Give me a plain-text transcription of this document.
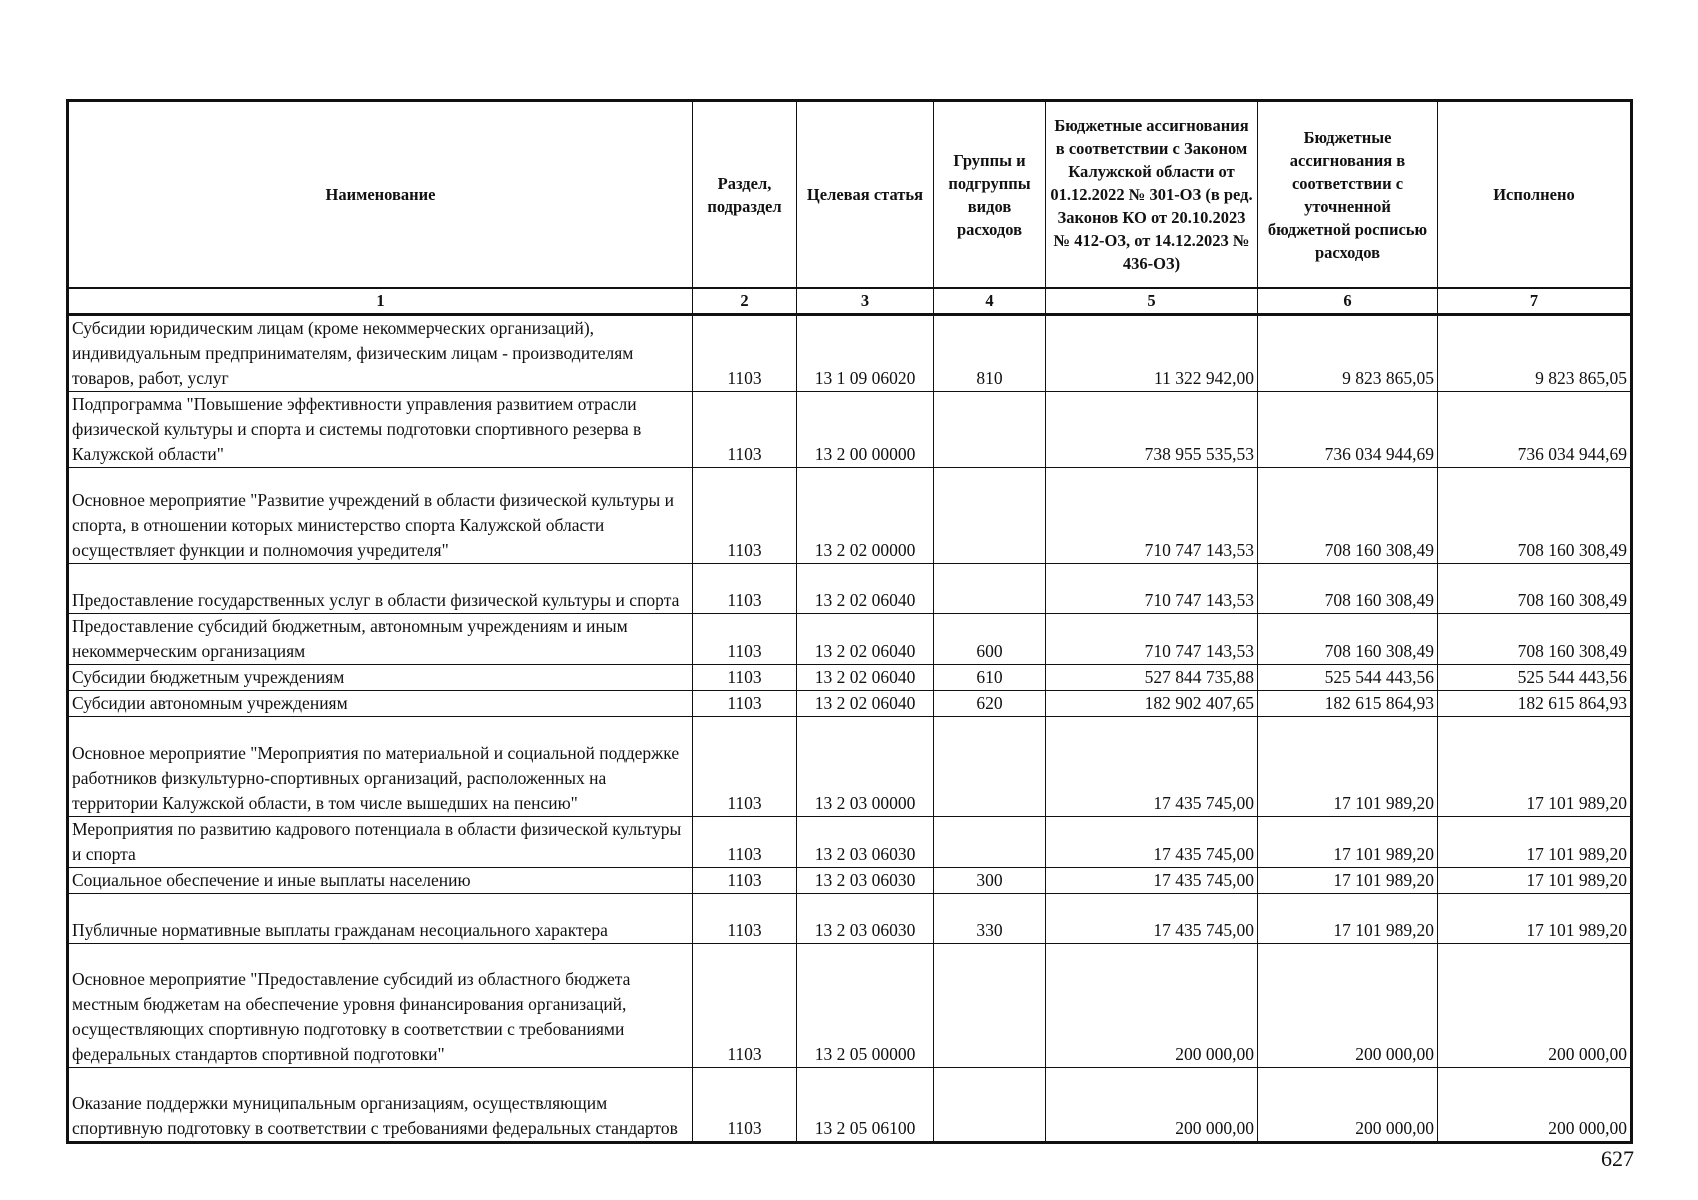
Наименование	Раздел, подраздел	Целевая статья	Группы и подгруппы видов расходов	Бюджетные ассигнования в соответствии с Законом Калужской области от 01.12.2022 № 301-ОЗ (в ред. Законов КО от 20.10.2023 № 412-ОЗ, от 14.12.2023 № 436-ОЗ)	Бюджетные ассигнования в соответствии с уточненной бюджетной росписью расходов	Исполнено
1	2	3	4	5	6	7
Субсидии юридическим лицам (кроме некоммерческих организаций), индивидуальным предпринимателям, физическим лицам - производителям товаров, работ, услуг	1103	13 1 09 06020	810	11 322 942,00	9 823 865,05	9 823 865,05
Подпрограмма "Повышение эффективности управления развитием отрасли физической культуры и спорта и системы подготовки спортивного резерва в Калужской области"	1103	13 2 00 00000		738 955 535,53	736 034 944,69	736 034 944,69
Основное мероприятие "Развитие учреждений в области физической культуры и спорта, в отношении которых министерство спорта Калужской области осуществляет функции и полномочия учредителя"	1103	13 2 02 00000		710 747 143,53	708 160 308,49	708 160 308,49
Предоставление государственных услуг в области физической культуры и спорта	1103	13 2 02 06040		710 747 143,53	708 160 308,49	708 160 308,49
Предоставление субсидий бюджетным, автономным учреждениям и иным некоммерческим организациям	1103	13 2 02 06040	600	710 747 143,53	708 160 308,49	708 160 308,49
Субсидии бюджетным учреждениям	1103	13 2 02 06040	610	527 844 735,88	525 544 443,56	525 544 443,56
Субсидии автономным учреждениям	1103	13 2 02 06040	620	182 902 407,65	182 615 864,93	182 615 864,93
Основное мероприятие "Мероприятия по материальной и социальной поддержке работников физкультурно-спортивных организаций, расположенных на территории Калужской области, в том числе вышедших на пенсию"	1103	13 2 03 00000		17 435 745,00	17 101 989,20	17 101 989,20
Мероприятия по развитию кадрового потенциала в области физической культуры и спорта	1103	13 2 03 06030		17 435 745,00	17 101 989,20	17 101 989,20
Социальное обеспечение и иные выплаты населению	1103	13 2 03 06030	300	17 435 745,00	17 101 989,20	17 101 989,20
Публичные нормативные выплаты гражданам несоциального характера	1103	13 2 03 06030	330	17 435 745,00	17 101 989,20	17 101 989,20
Основное мероприятие "Предоставление субсидий из областного бюджета местным бюджетам на обеспечение уровня финансирования организаций, осуществляющих спортивную подготовку в соответствии с требованиями федеральных стандартов спортивной подготовки"	1103	13 2 05 00000		200 000,00	200 000,00	200 000,00
Оказание поддержки муниципальным организациям, осуществляющим спортивную подготовку в соответствии с требованиями федеральных стандартов	1103	13 2 05 06100		200 000,00	200 000,00	200 000,00
627
